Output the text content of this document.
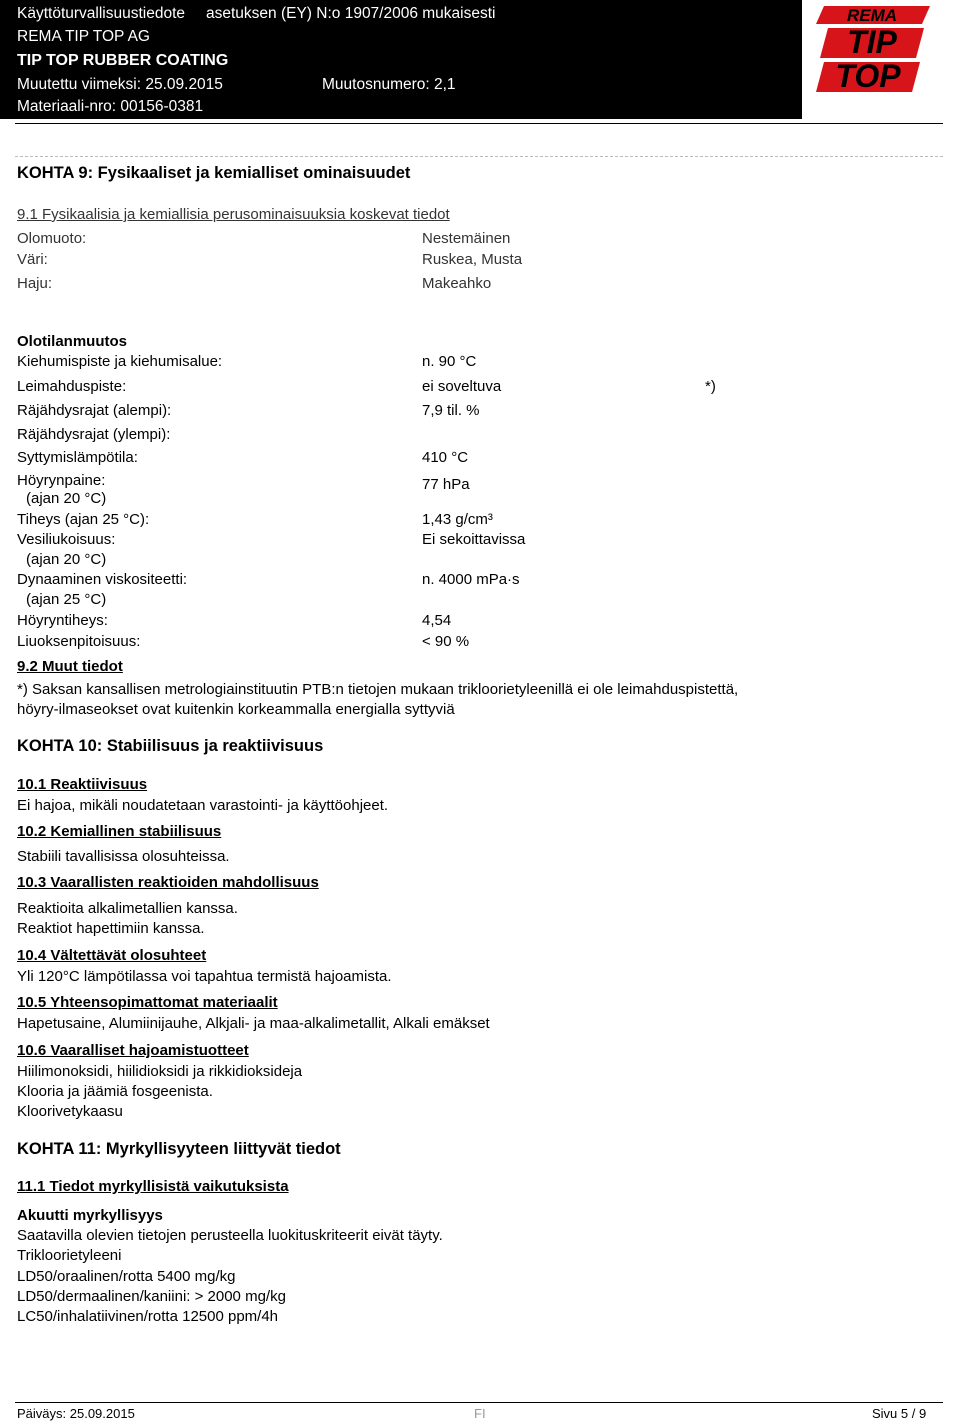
Käyttöturvallisuustiedote asetuksen (EY) N:o 1907/2006 mukaisesti
REMA TIP TOP AG
TIP TOP RUBBER COATING
Muutettu viimeksi: 25.09.2015	Muutosnumero: 2,1
Materiaali-nro: 00156-0381
REMA
TIP
TOP
KOHTA 9: Fysikaaliset ja kemialliset ominaisuudet
9.1 Fysikaalisia ja kemiallisia perusominaisuuksia koskevat tiedot
Olomuoto:	Nestemäinen
Väri:	Ruskea, Musta
Haju:	Makeahko
Olotilanmuutos
Kiehumispiste ja kiehumisalue:	n. 90 °C
Leimahduspiste:	ei soveltuva	*)
Räjähdysrajat (alempi):	7,9 til. %
Räjähdysrajat (ylempi):
Syttymislämpötila:	410 °C
Höyrynpaine:	77 hPa
(ajan 20 °C)
Tiheys (ajan 25 °C):	1,43 g/cm³
Vesiliukoisuus:	Ei sekoittavissa
(ajan 20 °C)
Dynaaminen viskositeetti:	n. 4000 mPa·s
(ajan 25 °C)
Höyryntiheys:	4,54
Liuoksenpitoisuus:	< 90 %
9.2 Muut tiedot
*) Saksan kansallisen metrologiainstituutin PTB:n tietojen mukaan trikloorietyleenillä ei ole leimahduspistettä,
höyry-ilmaseokset ovat kuitenkin korkeammalla energialla syttyviä
KOHTA 10: Stabiilisuus ja reaktiivisuus
10.1 Reaktiivisuus
Ei hajoa, mikäli noudatetaan varastointi- ja käyttöohjeet.
10.2 Kemiallinen stabiilisuus
Stabiili tavallisissa olosuhteissa.
10.3 Vaarallisten reaktioiden mahdollisuus
Reaktioita alkalimetallien kanssa.
Reaktiot hapettimiin kanssa.
10.4 Vältettävät olosuhteet
Yli 120°C lämpötilassa voi tapahtua termistä hajoamista.
10.5 Yhteensopimattomat materiaalit
Hapetusaine, Alumiinijauhe, Alkjali- ja maa-alkalimetallit, Alkali emäkset
10.6 Vaaralliset hajoamistuotteet
Hiilimonoksidi, hiilidioksidi ja rikkidioksideja
Klooria ja jäämiä fosgeenista.
Kloorivetykaasu
KOHTA 11: Myrkyllisyyteen liittyvät tiedot
11.1 Tiedot myrkyllisistä vaikutuksista
Akuutti myrkyllisyys
Saatavilla olevien tietojen perusteella luokituskriteerit eivät täyty.
Trikloorietyleeni
LD50/oraalinen/rotta 5400 mg/kg
LD50/dermaalinen/kaniini: > 2000 mg/kg
LC50/inhalatiivinen/rotta 12500 ppm/4h
Päiväys: 25.09.2015	FI	Sivu 5 / 9
